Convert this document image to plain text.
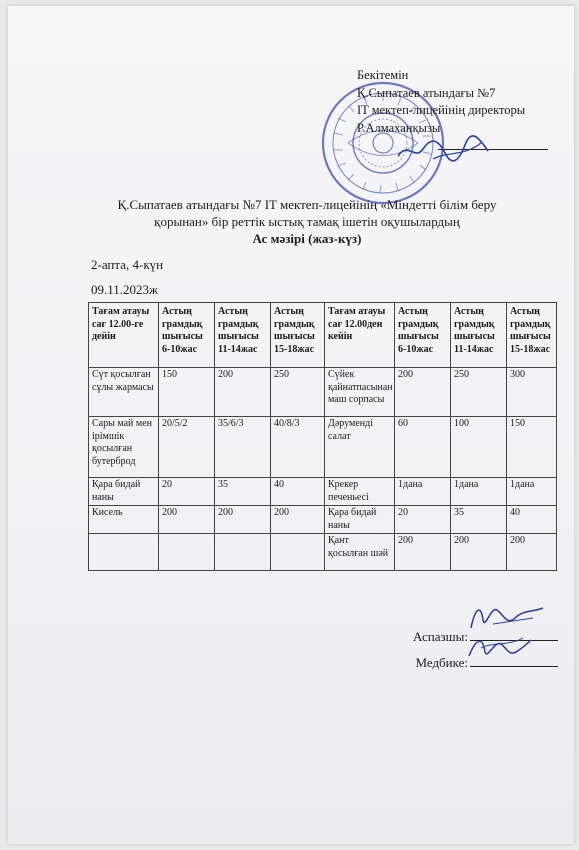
Бекітемін
Қ.Сыпатаев атындағы №7
IT мектеп-лицейінің директоры
Р.Алмаханқызы
Қ.Сыпатаев атындағы №7 IT мектеп-лицейінің «Міндетті білім беру
қорынан» бір реттік ыстық тамақ ішетін оқушылардың
Ас мәзірі (жаз-күз)
2-апта, 4-күн
09.11.2023ж
Тағам атауы сағ 12.00-ге дейін	Астың грамдық шығысы 6-10жас	Астың грамдық шығысы 11-14жас	Астың грамдық шығысы 15-18жас	Тағам атауы сағ 12.00ден кейін	Астың грамдық шығысы 6-10жас	Астың грамдық шығысы 11-14жас	Астың грамдық шығысы 15-18жас
Сүт қосылған сұлы жармасы	150	200	250	Сүйек қайнатпасынан маш сорпасы	200	250	300
Сары май мен ірімшік қосылған бутерброд	20/5/2	35/6/3	40/8/3	Дәруменді салат	60	100	150
Қара бидай наны	20	35	40	Крекер печеньесі	1дана	1дана	1дана
Кисель	200	200	200	Қара бидай наны	20	35	40
				Қант қосылған шәй	200	200	200
Аспазшы:
Медбике:
